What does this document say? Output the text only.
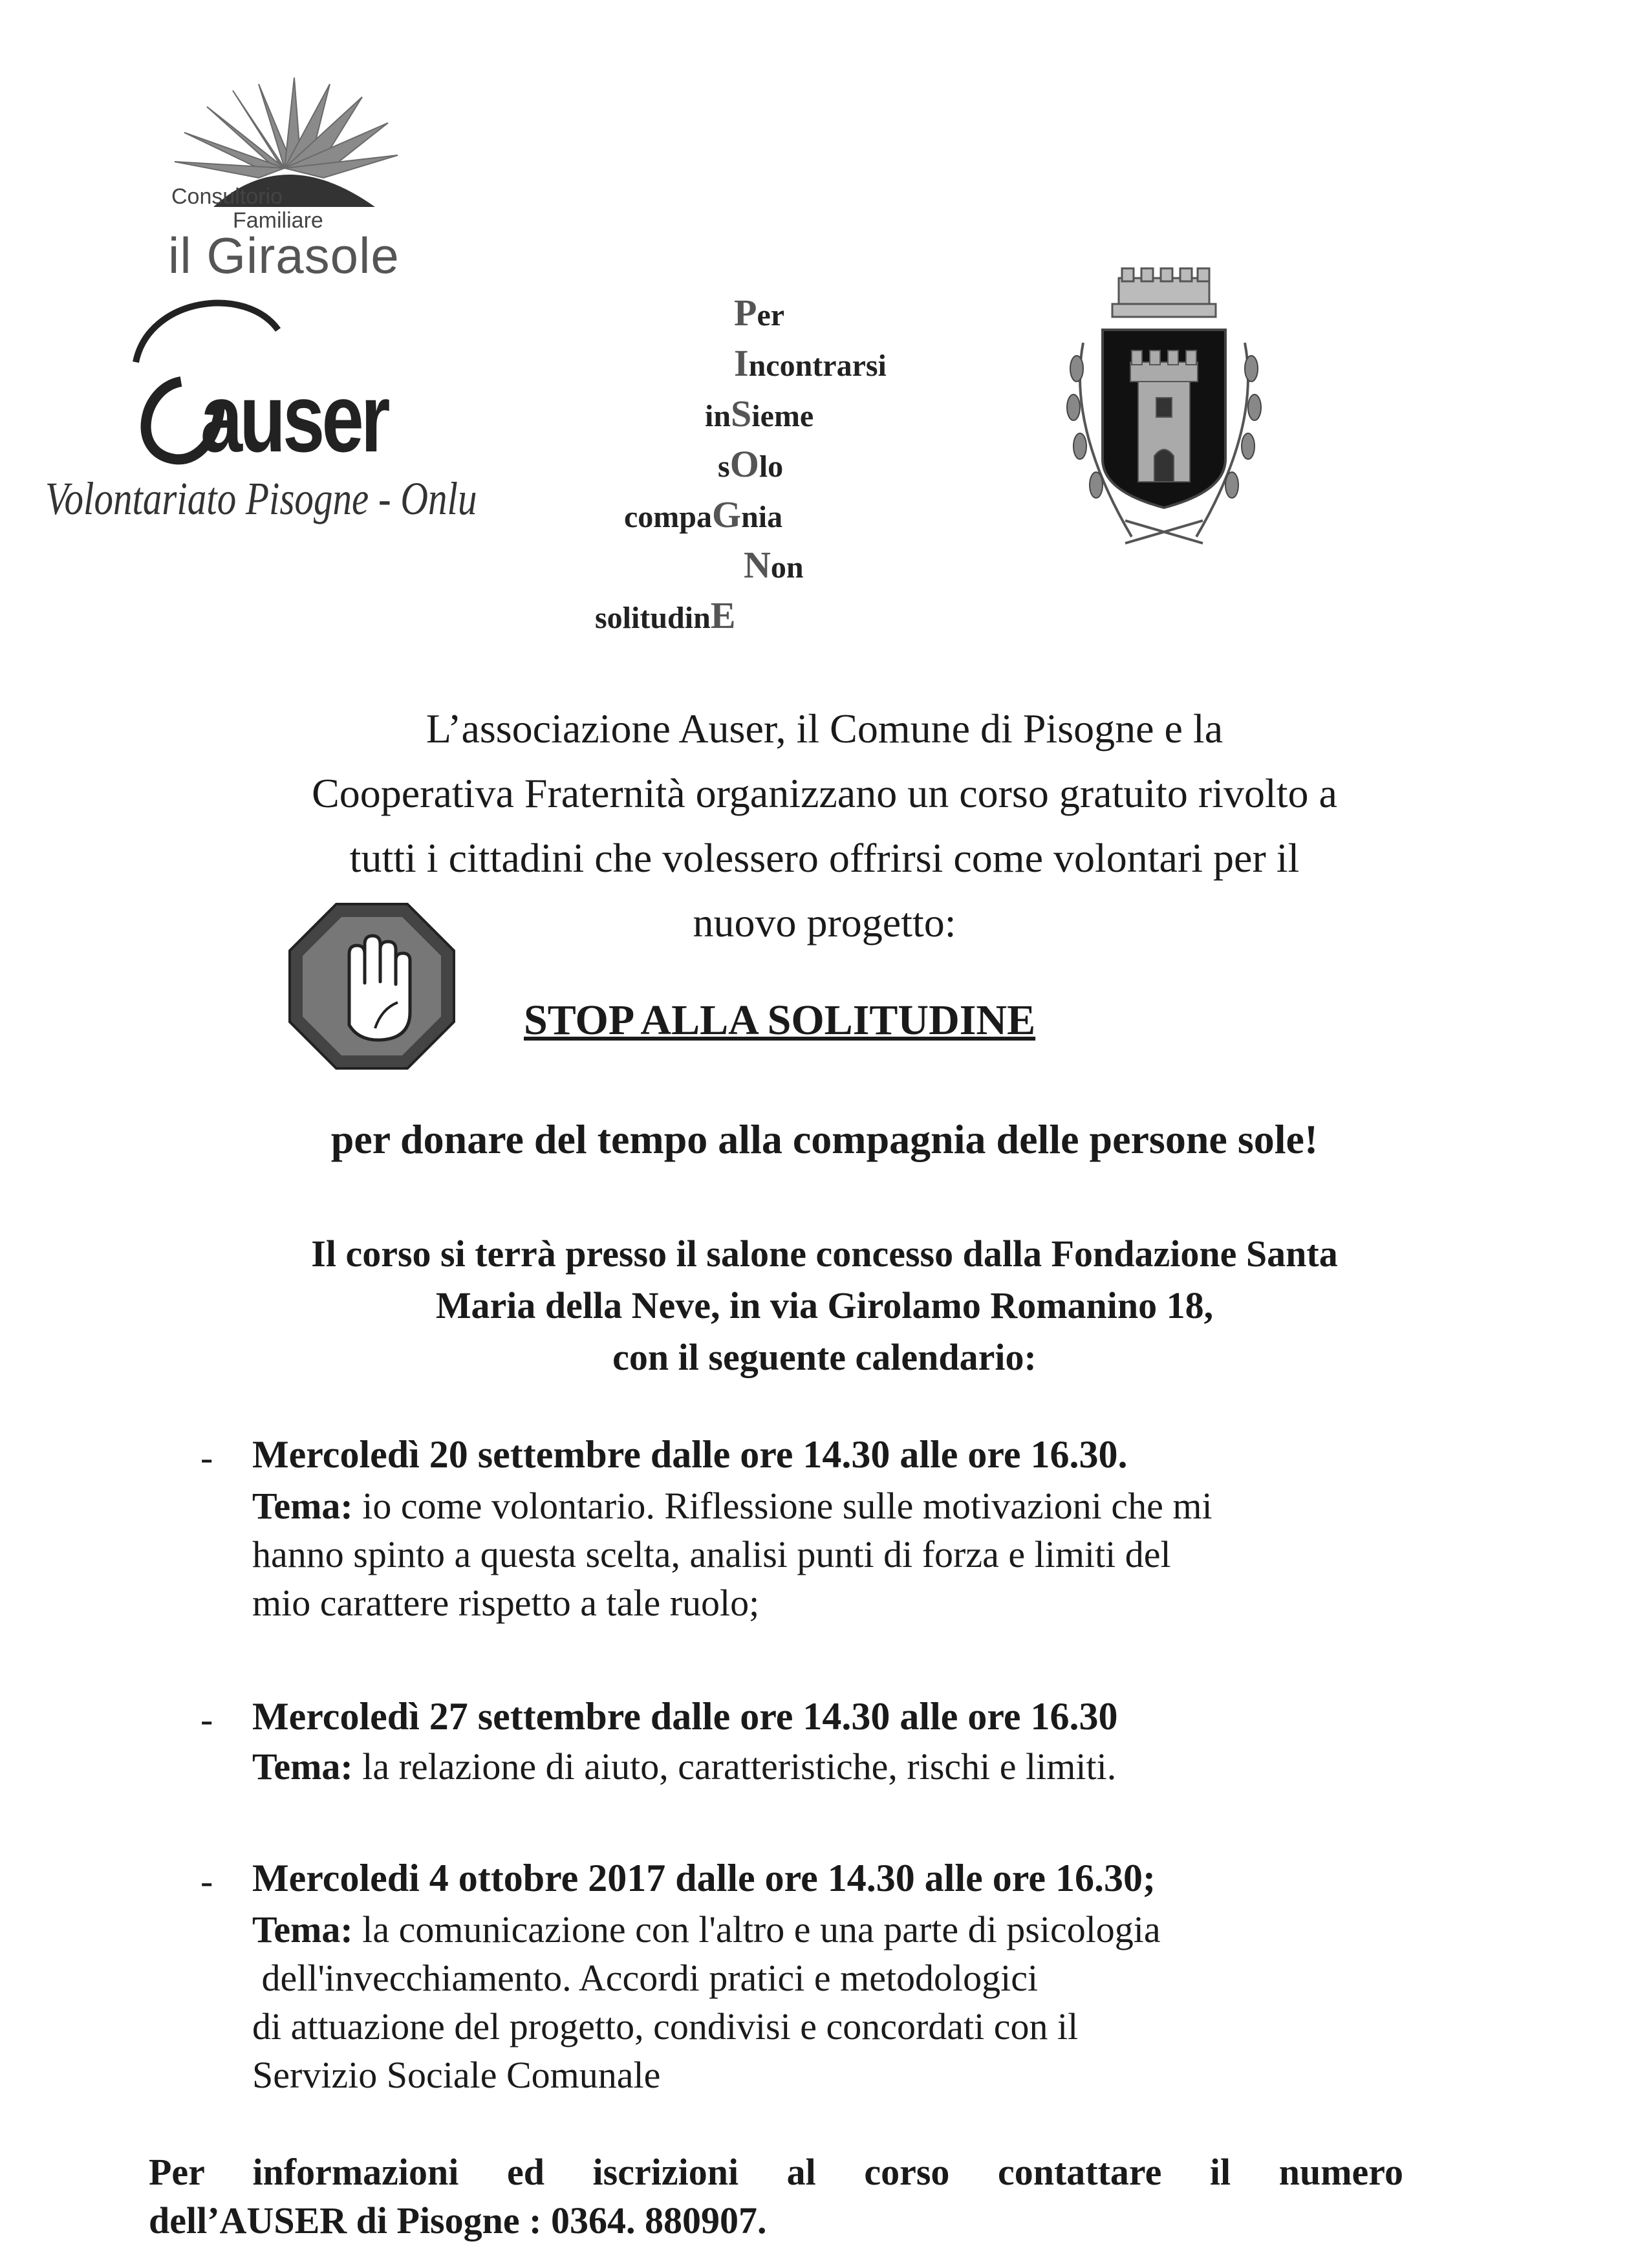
Consultorio
Familiare
il Girasole
auser
Volontariato Pisogne - Onlu
Per
Incontrarsi
inSieme
sOlo
compaGnia
Non
solitudinE
L’associazione Auser, il Comune di Pisogne e la
Cooperativa Fraternità organizzano un corso gratuito rivolto a
tutti i cittadini che volessero offrirsi come volontari per il
nuovo progetto:
STOP ALLA SOLITUDINE
per donare del tempo alla compagnia delle persone sole!
Il corso si terrà presso il salone concesso dalla Fondazione Santa
Maria della Neve, in via Girolamo Romanino 18,
con il seguente calendario:
- Mercoledì 20 settembre dalle ore 14.30 alle ore 16.30.
Tema: io come volontario. Riflessione sulle motivazioni che mi
hanno spinto a questa scelta, analisi punti di forza e limiti del
mio carattere rispetto a tale ruolo;
- Mercoledì 27 settembre dalle ore 14.30 alle ore 16.30
Tema: la relazione di aiuto, caratteristiche, rischi e limiti.
- Mercoledi 4 ottobre 2017 dalle ore 14.30 alle ore 16.30;
Tema: la comunicazione con l'altro e una parte di psicologia
dell'invecchiamento. Accordi pratici e metodologici
di attuazione del progetto, condivisi e concordati con il
Servizio Sociale Comunale
Per informazioni ed iscrizioni al corso contattare il numero
dell’AUSER di Pisogne : 0364. 880907.
